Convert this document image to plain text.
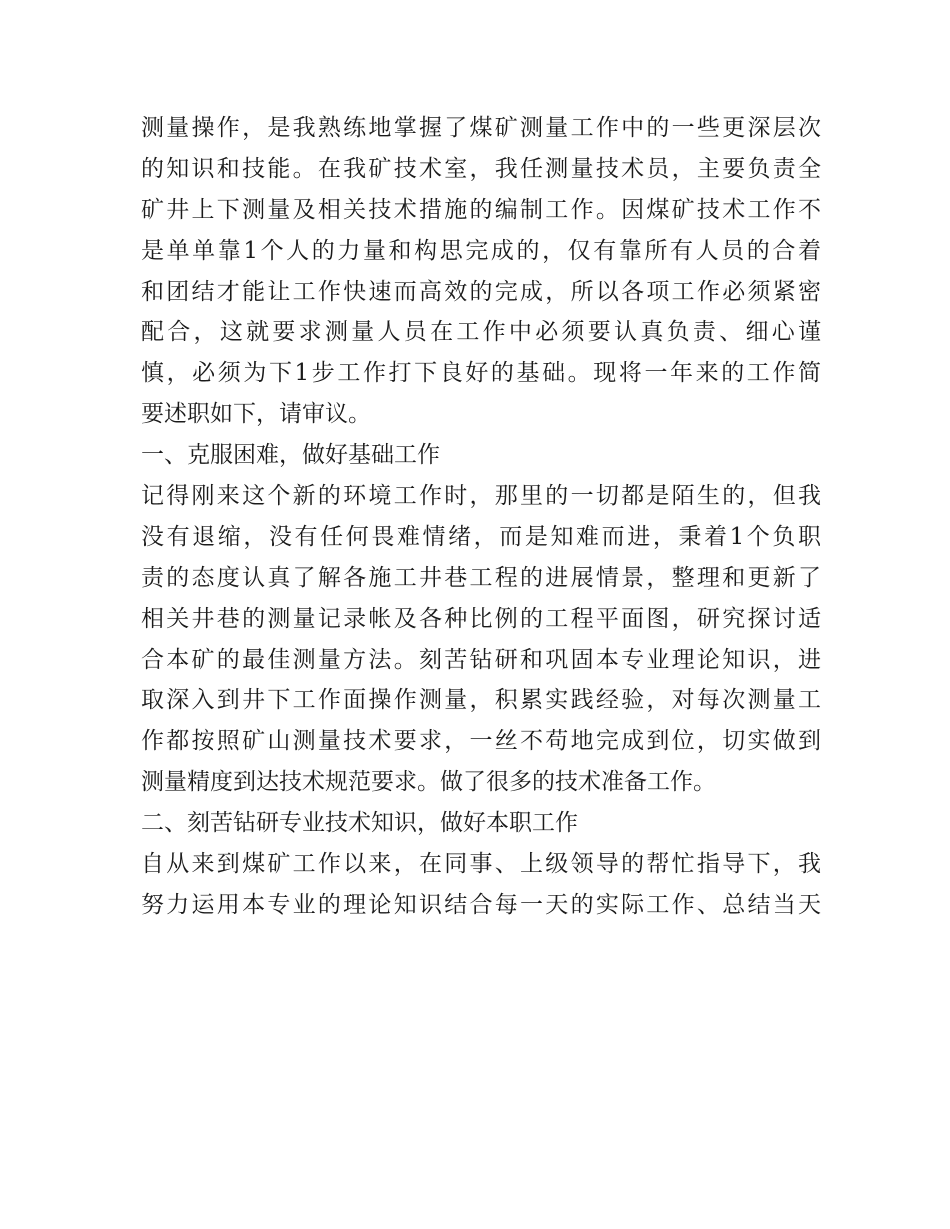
测量操作，是我熟练地掌握了煤矿测量工作中的一些更深层次
的知识和技能。在我矿技术室，我任测量技术员，主要负责全
矿井上下测量及相关技术措施的编制工作。因煤矿技术工作不
是单单靠1个人的力量和构思完成的，仅有靠所有人员的合着
和团结才能让工作快速而高效的完成，所以各项工作必须紧密
配合，这就要求测量人员在工作中必须要认真负责、细心谨
慎，必须为下1步工作打下良好的基础。现将一年来的工作简
要述职如下，请审议。
一、克服困难，做好基础工作
记得刚来这个新的环境工作时，那里的一切都是陌生的，但我
没有退缩，没有任何畏难情绪，而是知难而进，秉着1个负职
责的态度认真了解各施工井巷工程的进展情景，整理和更新了
相关井巷的测量记录帐及各种比例的工程平面图，研究探讨适
合本矿的最佳测量方法。刻苦钻研和巩固本专业理论知识，进
取深入到井下工作面操作测量，积累实践经验，对每次测量工
作都按照矿山测量技术要求，一丝不苟地完成到位，切实做到
测量精度到达技术规范要求。做了很多的技术准备工作。
二、刻苦钻研专业技术知识，做好本职工作
自从来到煤矿工作以来，在同事、上级领导的帮忙指导下，我
努力运用本专业的理论知识结合每一天的实际工作、总结当天
